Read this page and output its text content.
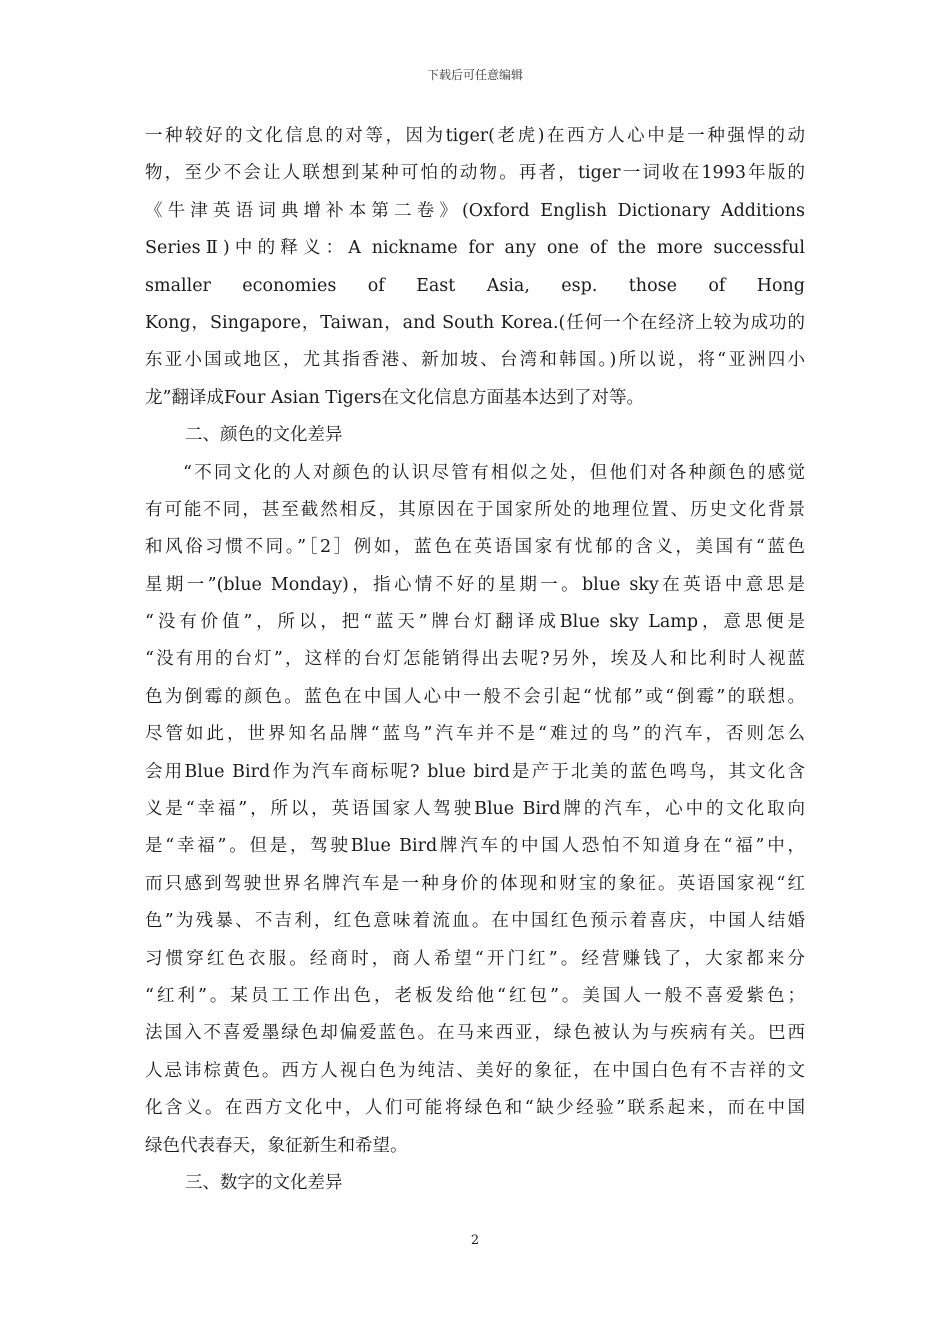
下载后可任意编辑
一种较好的文化信息的对等，因为tiger(老虎)在西方人心中是一种强悍的动
物，至少不会让人联想到某种可怕的动物。再者，tiger一词收在1993年版的
《牛津英语词典增补本第二卷》(Oxford English Dictionary Additions
SeriesⅡ)中的释义：A nickname for any one of the more successful
smaller economies of East Asia, esp. those of Hong
Kong，Singapore，Taiwan，and South Korea.(任何一个在经济上较为成功的
东亚小国或地区，尤其指香港、新加坡、台湾和韩国。)所以说，将“亚洲四小
龙”翻译成Four Asian Tigers在文化信息方面基本达到了对等。
二、颜色的文化差异
“不同文化的人对颜色的认识尽管有相似之处，但他们对各种颜色的感觉
有可能不同，甚至截然相反，其原因在于国家所处的地理位置、历史文化背景
和风俗习惯不同。”［2］例如，蓝色在英语国家有忧郁的含义，美国有“蓝色
星期一”(blue Monday)，指心情不好的星期一。blue sky在英语中意思是
“没有价值”，所以，把“蓝天”牌台灯翻译成Blue sky Lamp，意思便是
“没有用的台灯”，这样的台灯怎能销得出去呢?另外，埃及人和比利时人视蓝
色为倒霉的颜色。蓝色在中国人心中一般不会引起“忧郁”或“倒霉”的联想。
尽管如此，世界知名品牌“蓝鸟”汽车并不是“难过的鸟”的汽车，否则怎么
会用Blue Bird作为汽车商标呢? blue bird是产于北美的蓝色鸣鸟，其文化含
义是“幸福”，所以，英语国家人驾驶Blue Bird牌的汽车，心中的文化取向
是“幸福”。但是，驾驶Blue Bird牌汽车的中国人恐怕不知道身在“福”中，
而只感到驾驶世界名牌汽车是一种身价的体现和财宝的象征。英语国家视“红
色”为残暴、不吉利，红色意味着流血。在中国红色预示着喜庆，中国人结婚
习惯穿红色衣服。经商时，商人希望“开门红”。经营赚钱了，大家都来分
“红利”。某员工工作出色，老板发给他“红包”。美国人一般不喜爱紫色；
法国入不喜爱墨绿色却偏爱蓝色。在马来西亚，绿色被认为与疾病有关。巴西
人忌讳棕黄色。西方人视白色为纯洁、美好的象征，在中国白色有不吉祥的文
化含义。在西方文化中，人们可能将绿色和“缺少经验”联系起来，而在中国
绿色代表春天，象征新生和希望。
三、数字的文化差异
2
